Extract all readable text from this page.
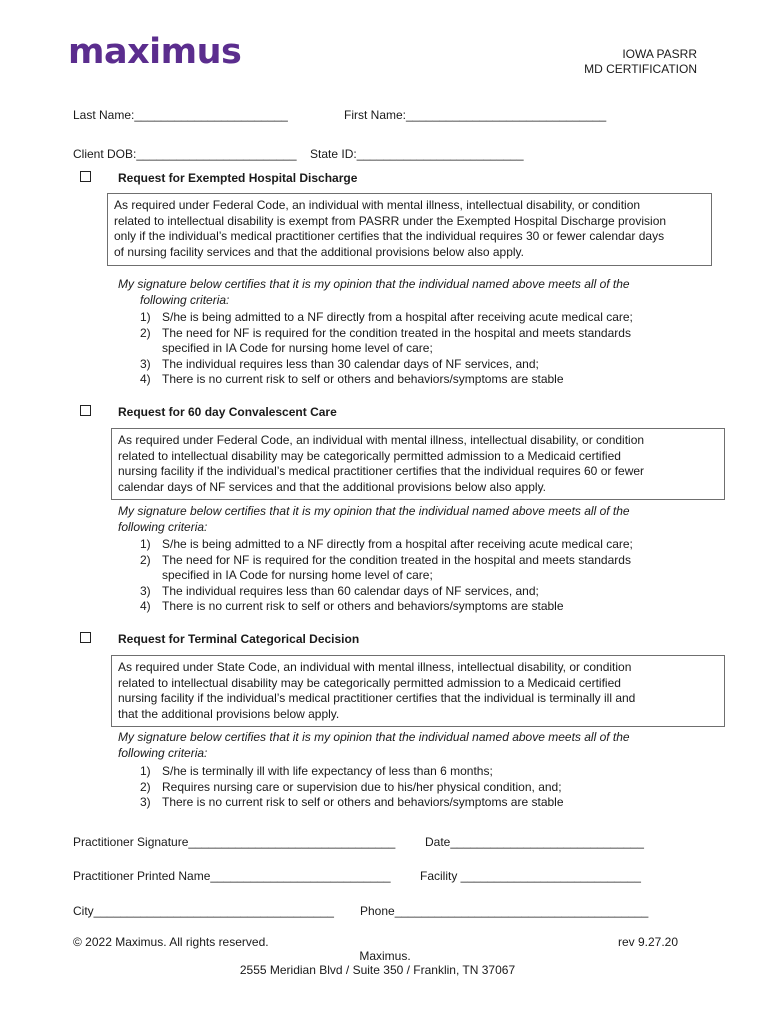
maximus	IOWA PASRR
MD CERTIFICATION
Last Name:_______________________	First Name:______________________________
Client DOB:________________________ State ID:_________________________
Request for Exempted Hospital Discharge
As required under Federal Code, an individual with mental illness, intellectual disability, or condition
related to intellectual disability is exempt from PASRR under the Exempted Hospital Discharge provision
only if the individual’s medical practitioner certifies that the individual requires 30 or fewer calendar days
of nursing facility services and that the additional provisions below also apply.
My signature below certifies that it is my opinion that the individual named above meets all of the
following criteria:
1) S/he is being admitted to a NF directly from a hospital after receiving acute medical care;
2) The need for NF is required for the condition treated in the hospital and meets standards
specified in IA Code for nursing home level of care;
3) The individual requires less than 30 calendar days of NF services, and;
4) There is no current risk to self or others and behaviors/symptoms are stable
Request for 60 day Convalescent Care
As required under Federal Code, an individual with mental illness, intellectual disability, or condition
related to intellectual disability may be categorically permitted admission to a Medicaid certified
nursing facility if the individual’s medical practitioner certifies that the individual requires 60 or fewer
calendar days of NF services and that the additional provisions below also apply.
My signature below certifies that it is my opinion that the individual named above meets all of the
following criteria:
1) S/he is being admitted to a NF directly from a hospital after receiving acute medical care;
2) The need for NF is required for the condition treated in the hospital and meets standards
specified in IA Code for nursing home level of care;
3) The individual requires less than 60 calendar days of NF services, and;
4) There is no current risk to self or others and behaviors/symptoms are stable
Request for Terminal Categorical Decision
As required under State Code, an individual with mental illness, intellectual disability, or condition
related to intellectual disability may be categorically permitted admission to a Medicaid certified
nursing facility if the individual’s medical practitioner certifies that the individual is terminally ill and
that the additional provisions below apply.
My signature below certifies that it is my opinion that the individual named above meets all of the
following criteria:
1) S/he is terminally ill with life expectancy of less than 6 months;
2) Requires nursing care or supervision due to his/her physical condition, and;
3) There is no current risk to self or others and behaviors/symptoms are stable
Practitioner Signature_______________________________ Date_____________________________
Practitioner Printed Name___________________________ Facility ___________________________
City____________________________________ Phone______________________________________
© 2022 Maximus. All rights reserved.	rev 9.27.20
Maximus.
2555 Meridian Blvd / Suite 350 / Franklin, TN 37067
